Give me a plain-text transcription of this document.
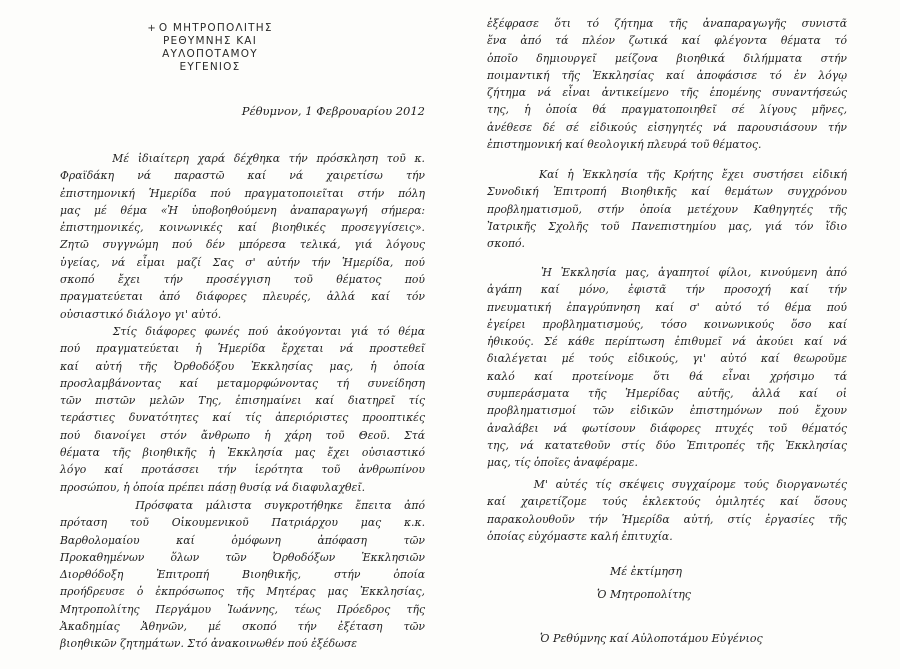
+ Ο ΜΗΤΡΟΠΟΛΙΤΗΣ
ΡΕΘΥΜΝΗΣ ΚΑΙ ΑΥΛΟΠΟΤΑΜΟΥ
ΕΥΓΕΝΙΟΣ
Ρέθυμνον, 1 Φεβρουαρίου 2012
Μέ ἰδιαίτερη χαρά δέχθηκα τήν πρόσκληση τοῦ κ.
Φραϊδάκη νά παραστῶ καί νά χαιρετίσω τήν
ἐπιστημονική Ἡμερίδα πού πραγματοποιεῖται στήν πόλη
μας μέ θέμα «Ἡ ὑποβοηθούμενη ἀναπαραγωγή σήμερα:
ἐπιστημονικές, κοινωνικές καί βιοηθικές προσεγγίσεις».
Ζητῶ συγγνώμη πού δέν μπόρεσα τελικά, γιά λόγους
ὑγείας, νά εἶμαι μαζί Σας σ' αὐτήν τήν Ἡμερίδα, πού
σκοπό ἔχει τήν προσέγγιση τοῦ θέματος πού
πραγματεύεται ἀπό διάφορες πλευρές, ἀλλά καί τόν
οὐσιαστικό διάλογο γι' αὐτό.
Στίς διάφορες φωνές πού ἀκούγονται γιά τό θέμα
πού πραγματεύεται ἡ Ἡμερίδα ἔρχεται νά προστεθεῖ
καί αὐτή τῆς Ὀρθοδόξου Ἐκκλησίας μας, ἡ ὁποία
προσλαμβάνοντας καί μεταμορφώνοντας τή συνείδηση
τῶν πιστῶν μελῶν Της, ἐπισημαίνει καί διατηρεῖ τίς
τεράστιες δυνατότητες καί τίς ἀπεριόριστες προοπτικές
πού διανοίγει στόν ἄνθρωπο ἡ χάρη τοῦ Θεοῦ. Στά
θέματα τῆς βιοηθικῆς ἡ Ἐκκλησία μας ἔχει οὐσιαστικό
λόγο καί προτάσσει τήν ἱερότητα τοῦ ἀνθρωπίνου
προσώπου, ἡ ὁποία πρέπει πάσῃ θυσίᾳ νά διαφυλαχθεῖ.
Πρόσφατα μάλιστα συγκροτήθηκε ἔπειτα ἀπό
πρόταση τοῦ Οἰκουμενικοῦ Πατριάρχου μας κ.κ.
Βαρθολομαίου καί ὁμόφωνη ἀπόφαση τῶν
Προκαθημένων ὅλων τῶν Ὀρθοδόξων Ἐκκλησιῶν
Διορθόδοξη Ἐπιτροπή Βιοηθικῆς, στήν ὁποία
προήδρευσε ὁ ἐκπρόσωπος τῆς Μητέρας μας Ἐκκλησίας,
Μητροπολίτης Περγάμου Ἰωάννης, τέως Πρόεδρος τῆς
Ἀκαδημίας Ἀθηνῶν, μέ σκοπό τήν ἐξέταση τῶν
βιοηθικῶν ζητημάτων. Στό ἀνακοινωθέν πού ἐξέδωσε
ἐξέφρασε ὅτι τό ζήτημα τῆς ἀναπαραγωγῆς συνιστᾶ
ἕνα ἀπό τά πλέον ζωτικά καί φλέγοντα θέματα τό
ὁποῖο δημιουργεῖ μείζονα βιοηθικά διλήμματα στήν
ποιμαντική τῆς Ἐκκλησίας καί ἀποφάσισε τό ἐν λόγῳ
ζήτημα νά εἶναι ἀντικείμενο τῆς ἑπομένης συναντήσεώς
της, ἡ ὁποία θά πραγματοποιηθεῖ σέ λίγους μῆνες,
ἀνέθεσε δέ σέ εἰδικούς εἰσηγητές νά παρουσιάσουν τήν
ἐπιστημονική καί θεολογική πλευρά τοῦ θέματος.
Καί ἡ Ἐκκλησία τῆς Κρήτης ἔχει συστήσει εἰδική
Συνοδική Ἐπιτροπή Βιοηθικῆς καί θεμάτων συγχρόνου
προβληματισμοῦ, στήν ὁποία μετέχουν Καθηγητές τῆς
Ἰατρικῆς Σχολῆς τοῦ Πανεπιστημίου μας, γιά τόν ἴδιο
σκοπό.
Ἡ Ἐκκλησία μας, ἀγαπητοί φίλοι, κινούμενη ἀπό
ἀγάπη καί μόνο, ἐφιστᾶ τήν προσοχή καί τήν
πνευματική ἐπαγρύπνηση καί σ' αὐτό τό θέμα πού
ἐγείρει προβληματισμούς, τόσο κοινωνικούς ὅσο καί
ἠθικούς. Σέ κάθε περίπτωση ἐπιθυμεῖ νά ἀκούει καί νά
διαλέγεται μέ τούς εἰδικούς, γι' αὐτό καί θεωροῦμε
καλό καί προτείνομε ὅτι θά εἶναι χρήσιμο τά
συμπεράσματα τῆς Ἡμερίδας αὐτῆς, ἀλλά καί οἱ
προβληματισμοί τῶν εἰδικῶν ἐπιστημόνων πού ἔχουν
ἀναλάβει νά φωτίσουν διάφορες πτυχές τοῦ θέματός
της, νά κατατεθοῦν στίς δύο Ἐπιτροπές τῆς Ἐκκλησίας
μας, τίς ὁποῖες ἀναφέραμε.
Μ' αὐτές τίς σκέψεις συγχαίρομε τούς διοργανωτές
καί χαιρετίζομε τούς ἐκλεκτούς ὁμιλητές καί ὅσους
παρακολουθοῦν τήν Ἡμερίδα αὐτή, στίς ἐργασίες τῆς
ὁποίας εὐχόμαστε καλή ἐπιτυχία.
Μέ ἐκτίμηση
Ὁ Μητροπολίτης
Ὁ Ρεθύμνης καί Αὐλοποτάμου Εὐγένιος
